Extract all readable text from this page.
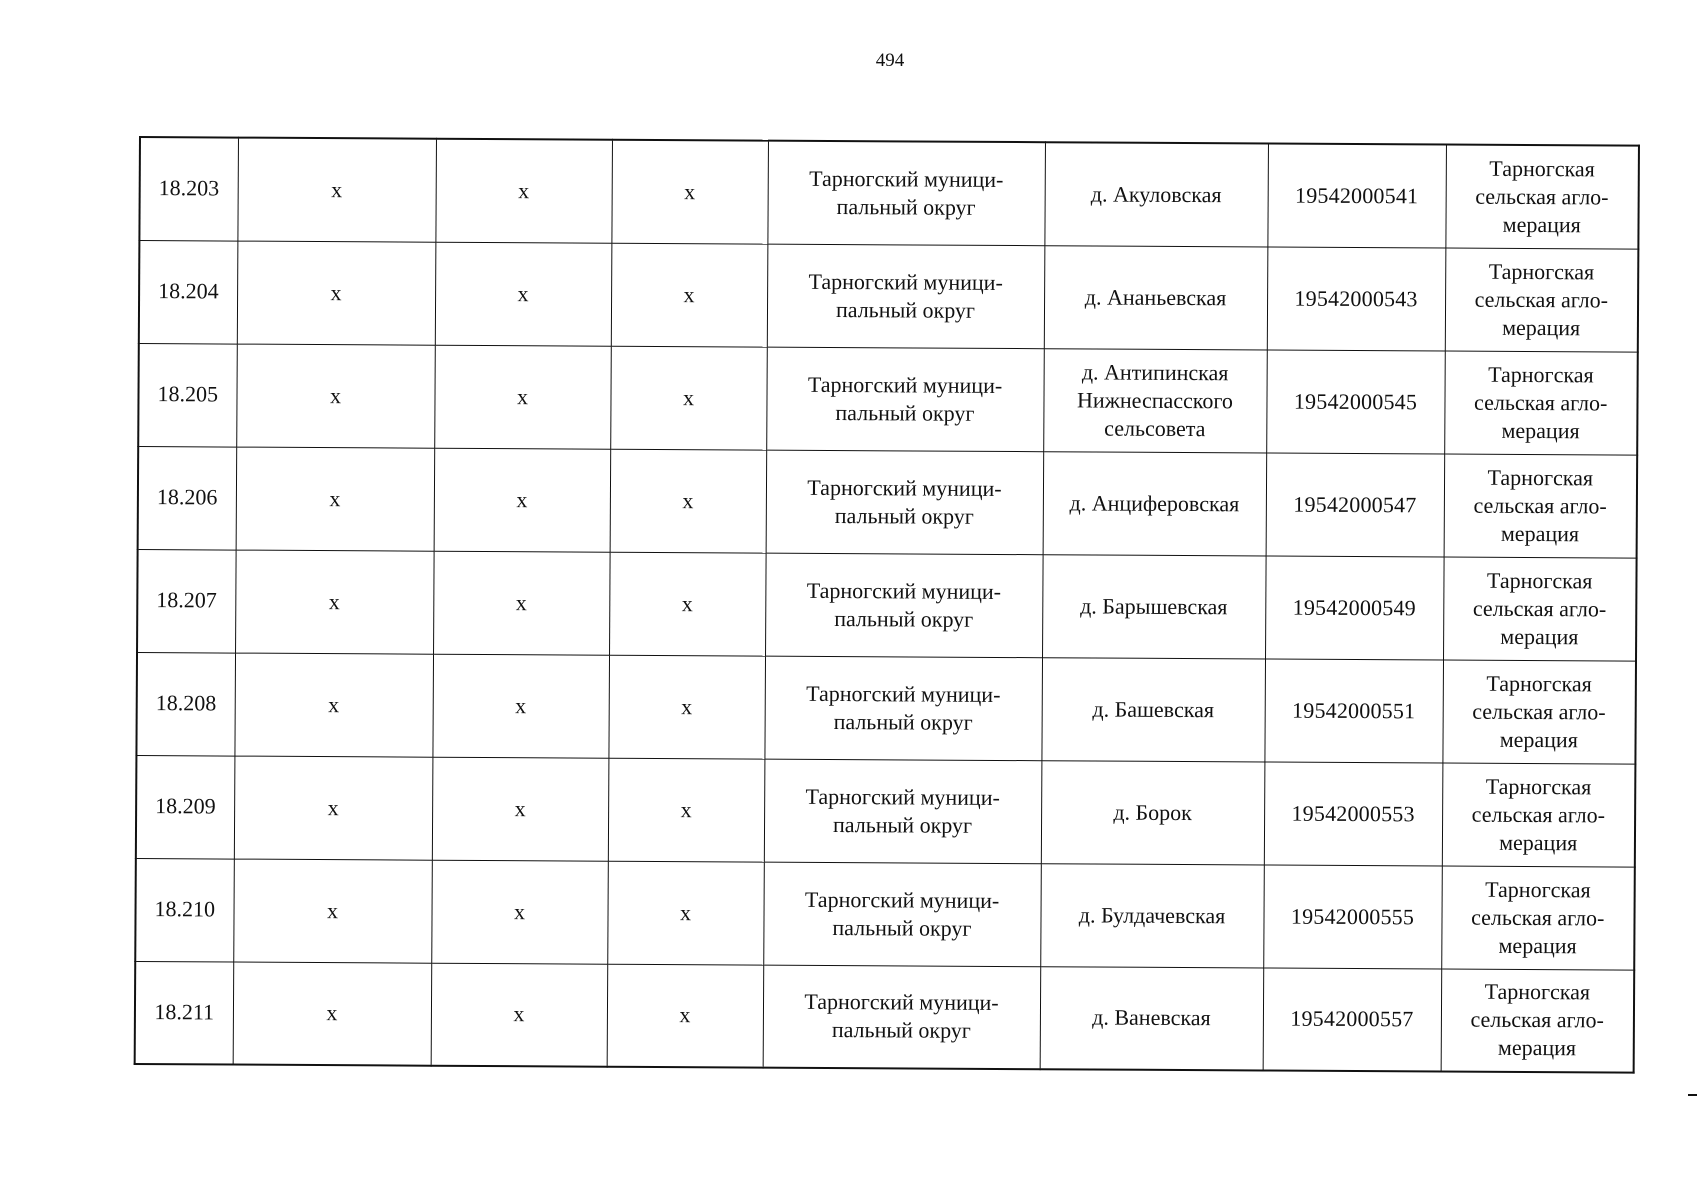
494
18.203	x	x	x	Тарногский муници-пальный округ	д. Акуловская	19542000541	Тарногская сельская агло-мерация
18.204	x	x	x	Тарногский муници-пальный округ	д. Ананьевская	19542000543	Тарногская сельская агло-мерация
18.205	x	x	x	Тарногский муници-пальный округ	д. Антипинская Нижнеспасского сельсовета	19542000545	Тарногская сельская агло-мерация
18.206	x	x	x	Тарногский муници-пальный округ	д. Анциферовская	19542000547	Тарногская сельская агло-мерация
18.207	x	x	x	Тарногский муници-пальный округ	д. Барышевская	19542000549	Тарногская сельская агло-мерация
18.208	x	x	x	Тарногский муници-пальный округ	д. Башевская	19542000551	Тарногская сельская агло-мерация
18.209	x	x	x	Тарногский муници-пальный округ	д. Борок	19542000553	Тарногская сельская агло-мерация
18.210	x	x	x	Тарногский муници-пальный округ	д. Булдачевская	19542000555	Тарногская сельская агло-мерация
18.211	x	x	x	Тарногский муници-пальный округ	д. Ваневская	19542000557	Тарногская сельская агло-мерация
